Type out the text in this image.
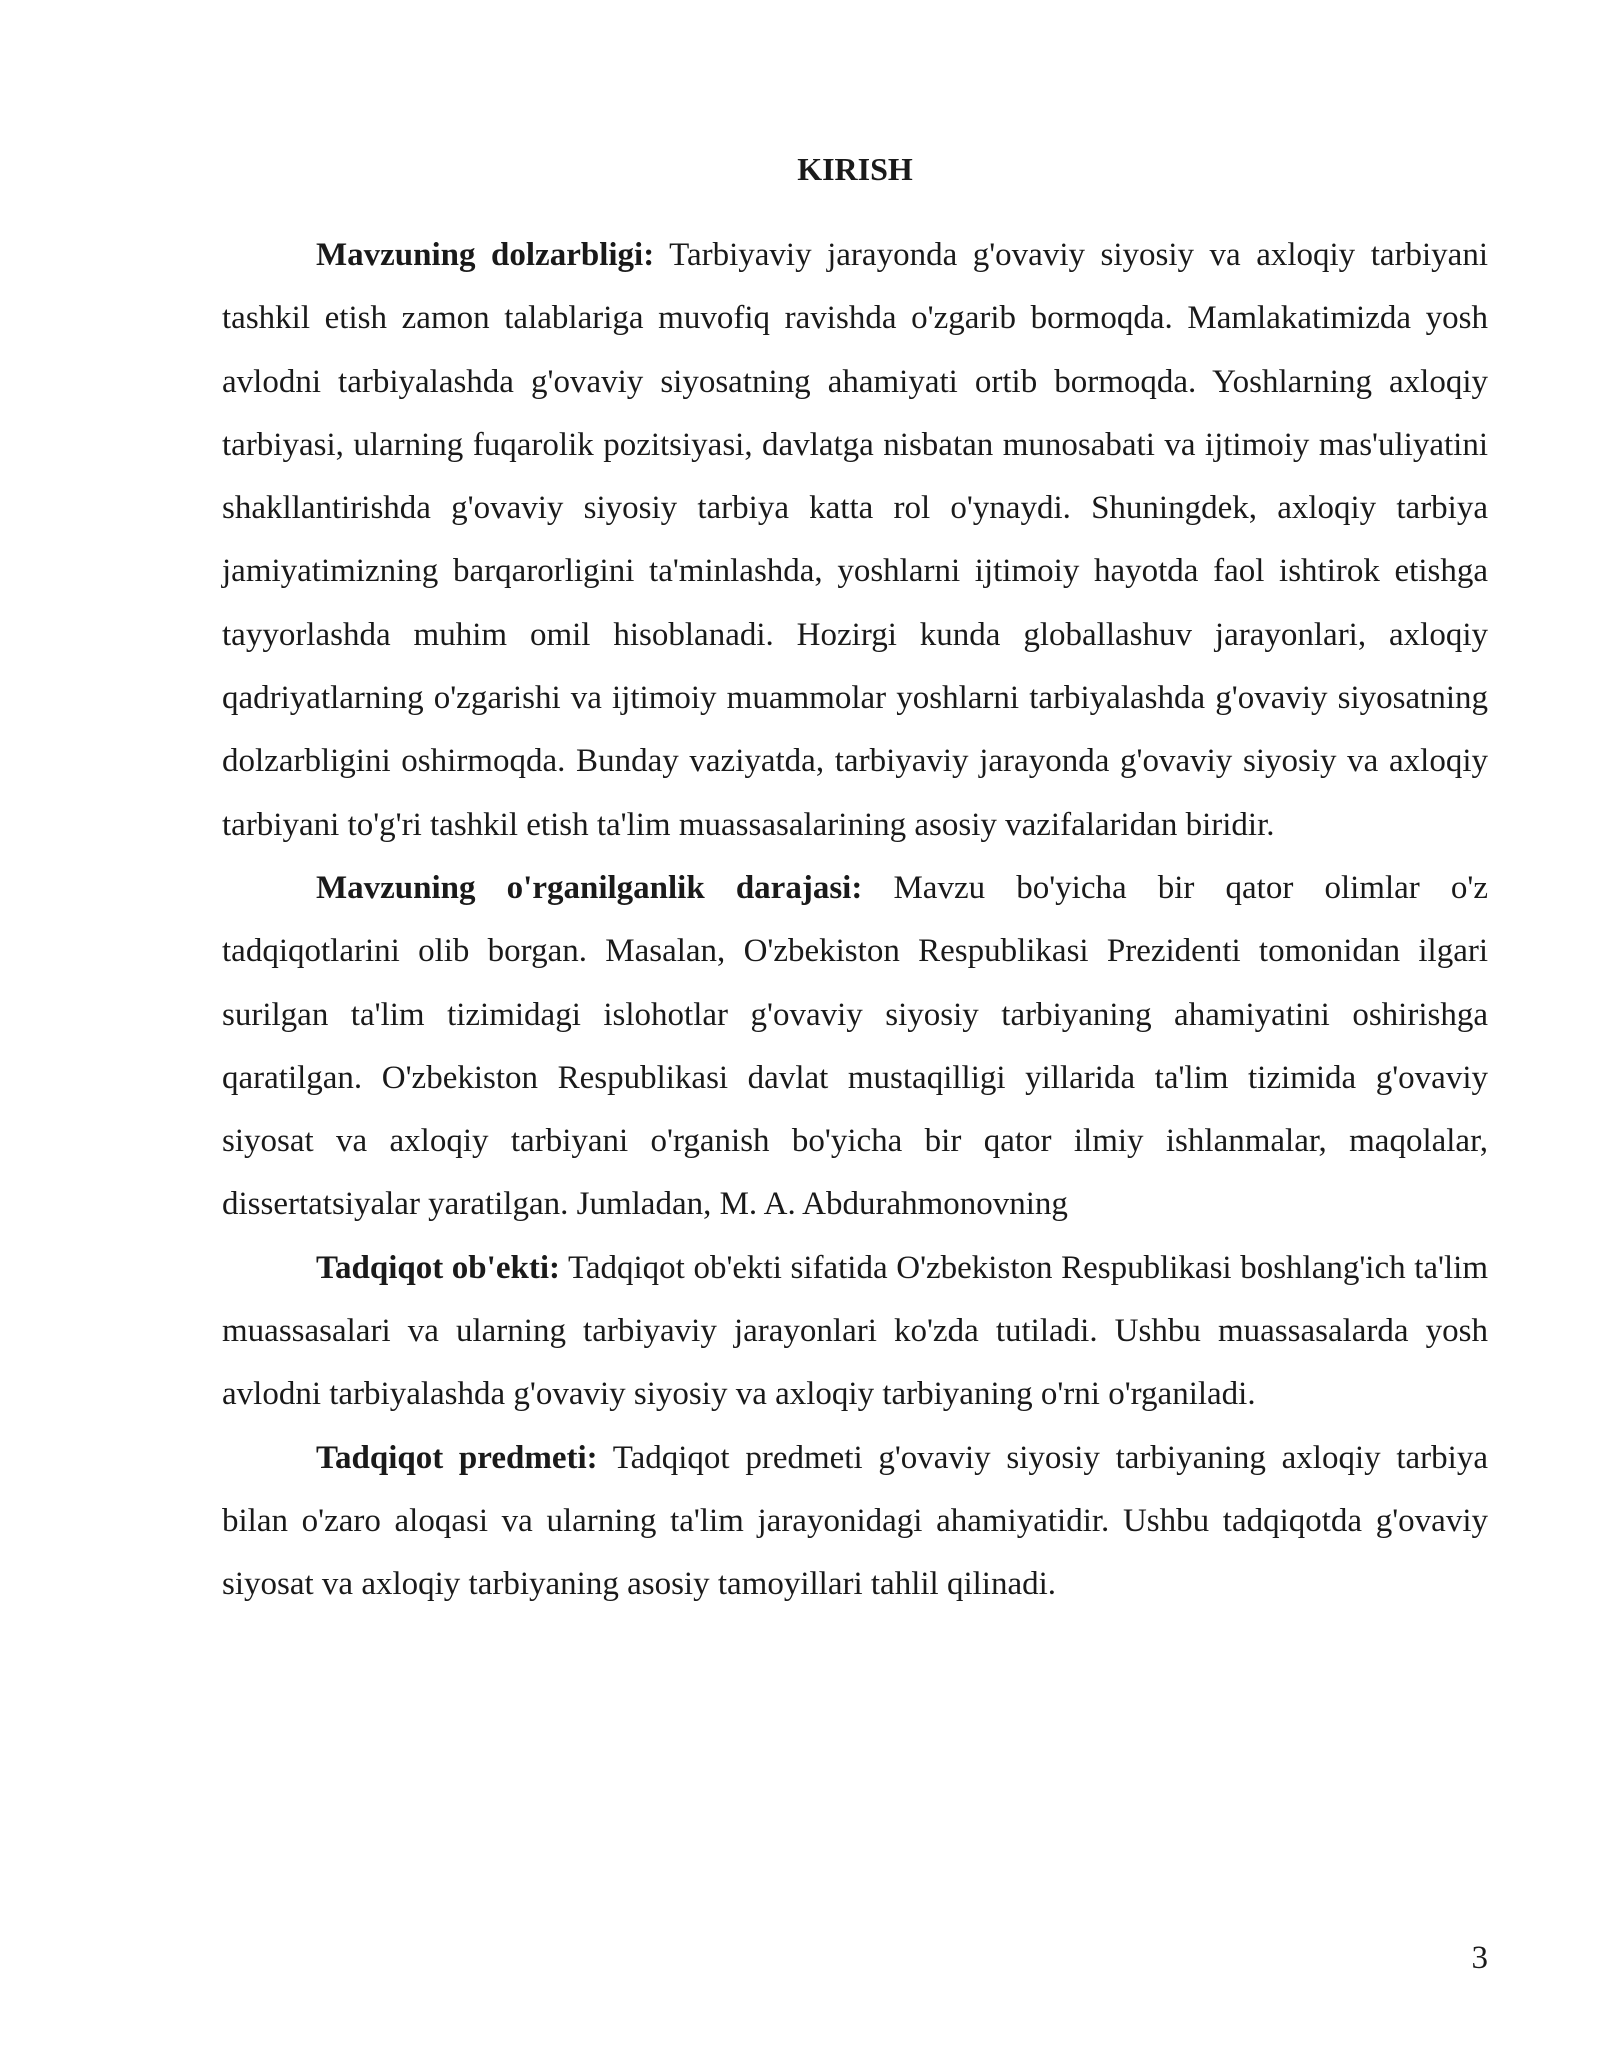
KIRISH

Mavzuning dolzarbligi: Tarbiyaviy jarayonda g'ovaviy siyosiy va axloqiy tarbiyani tashkil etish zamon talablariga muvofiq ravishda o'zgarib bormoqda. Mamlakatimizda yosh avlodni tarbiyalashda g'ovaviy siyosatning ahamiyati ortib bormoqda. Yoshlarning axloqiy tarbiyasi, ularning fuqarolik pozitsiyasi, davlatga nisbatan munosabati va ijtimoiy mas'uliyatini shakllantirishda g'ovaviy siyosiy tarbiya katta rol o'ynaydi. Shuningdek, axloqiy tarbiya jamiyatimizning barqarorligini ta'minlashda, yoshlarni ijtimoiy hayotda faol ishtirok etishga tayyorlashda muhim omil hisoblanadi. Hozirgi kunda globallashuv jarayonlari, axloqiy qadriyatlarning o'zgarishi va ijtimoiy muammolar yoshlarni tarbiyalashda g'ovaviy siyosatning dolzarbligini oshirmoqda. Bunday vaziyatda, tarbiyaviy jarayonda g'ovaviy siyosiy va axloqiy tarbiyani to'g'ri tashkil etish ta'lim muassasalarining asosiy vazifalaridan biridir.

Mavzuning o'rganilganlik darajasi: Mavzu bo'yicha bir qator olimlar o'z tadqiqotlarini olib borgan. Masalan, O'zbekiston Respublikasi Prezidenti tomonidan ilgari surilgan ta'lim tizimidagi islohotlar g'ovaviy siyosiy tarbiyaning ahamiyatini oshirishga qaratilgan. O'zbekiston Respublikasi davlat mustaqilligi yillarida ta'lim tizimida g'ovaviy siyosat va axloqiy tarbiyani o'rganish bo'yicha bir qator ilmiy ishlanmalar, maqolalar, dissertatsiyalar yaratilgan. Jumladan, M. A. Abdurahmonovning

Tadqiqot ob'ekti: Tadqiqot ob'ekti sifatida O'zbekiston Respublikasi boshlang'ich ta'lim muassasalari va ularning tarbiyaviy jarayonlari ko'zda tutiladi. Ushbu muassasalarda yosh avlodni tarbiyalashda g'ovaviy siyosiy va axloqiy tarbiyaning o'rni o'rganiladi.

Tadqiqot predmeti: Tadqiqot predmeti g'ovaviy siyosiy tarbiyaning axloqiy tarbiya bilan o'zaro aloqasi va ularning ta'lim jarayonidagi ahamiyatidir. Ushbu tadqiqotda g'ovaviy siyosat va axloqiy tarbiyaning asosiy tamoyillari tahlil qilinadi.

3
